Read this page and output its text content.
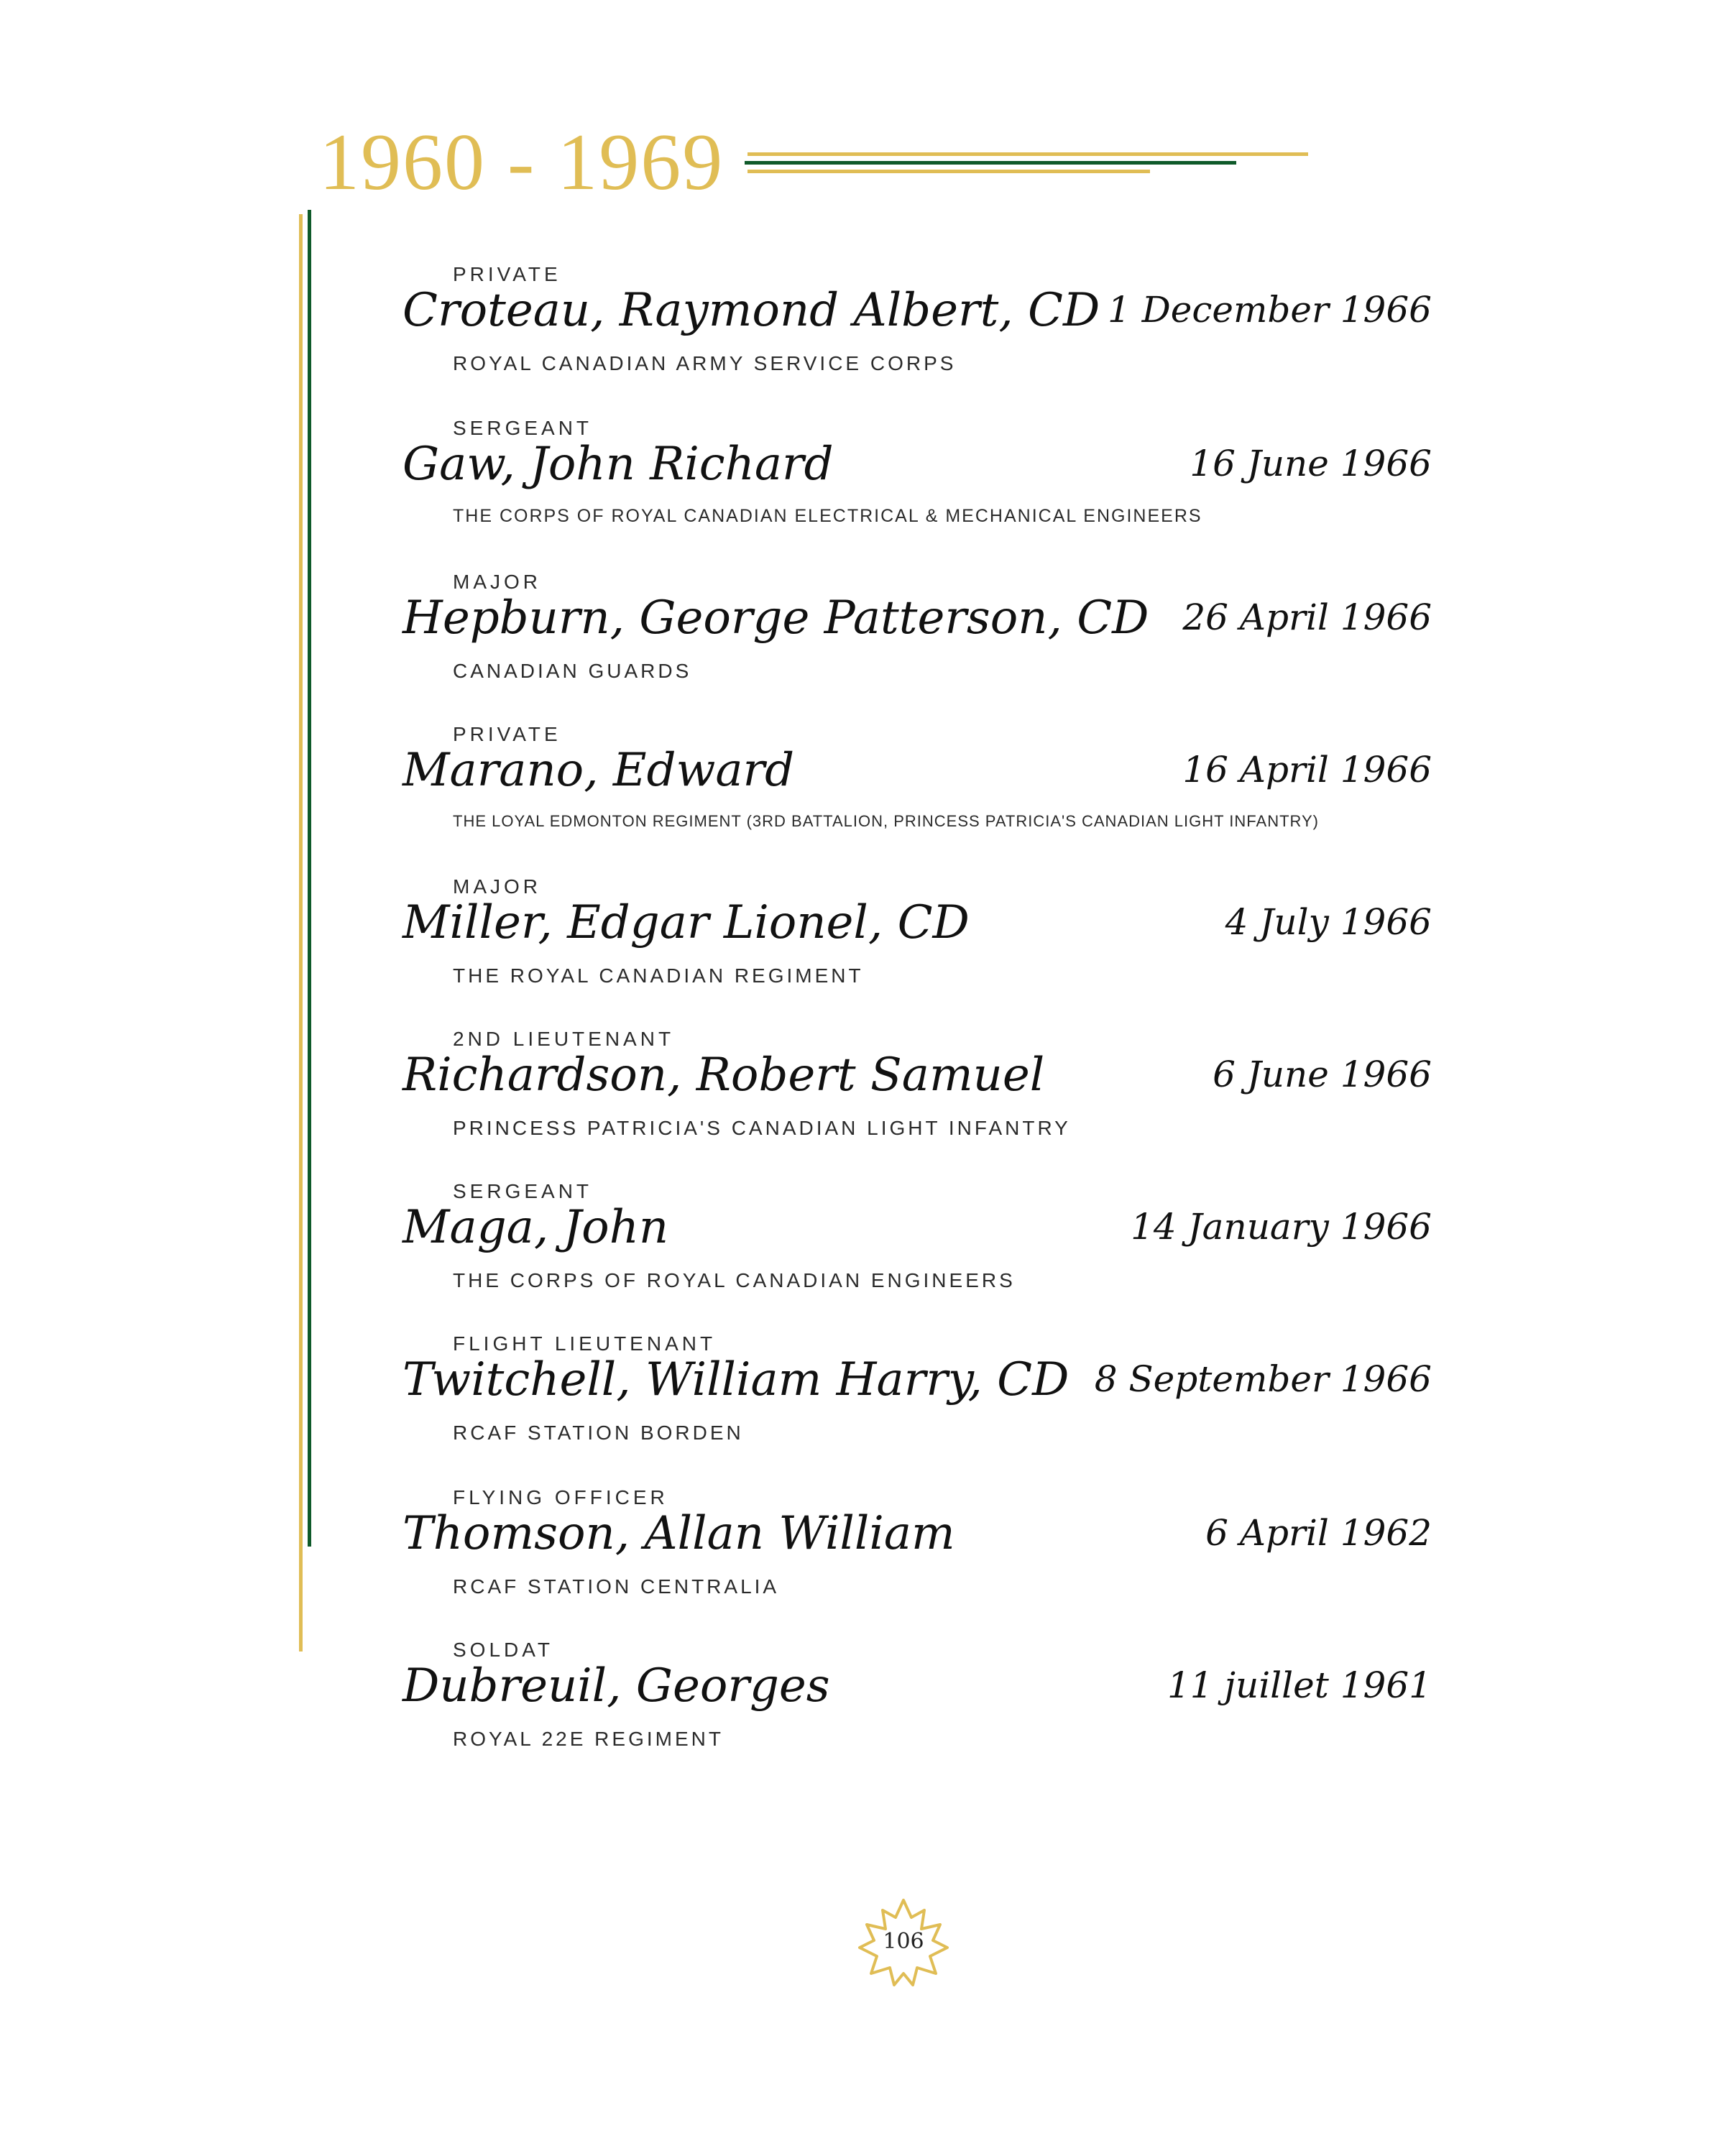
1960 - 1969
PRIVATE
Croteau, Raymond Albert, CD 1 December 1966
ROYAL CANADIAN ARMY SERVICE CORPS
SERGEANT
Gaw, John Richard	16 June 1966
THE CORPS OF ROYAL CANADIAN ELECTRICAL & MECHANICAL ENGINEERS
MAJOR
Hepburn, George Patterson, CD 26 April 1966
CANADIAN GUARDS
PRIVATE
Marano, Edward	16 April 1966
THE LOYAL EDMONTON REGIMENT (3RD BATTALION, PRINCESS PATRICIA'S CANADIAN LIGHT INFANTRY)
MAJOR
Miller, Edgar Lionel, CD	4 July 1966
THE ROYAL CANADIAN REGIMENT
2ND LIEUTENANT
Richardson, Robert Samuel	6 June 1966
PRINCESS PATRICIA'S CANADIAN LIGHT INFANTRY
SERGEANT
Maga, John	14 January 1966
THE CORPS OF ROYAL CANADIAN ENGINEERS
FLIGHT LIEUTENANT
Twitchell, William Harry, CD 8 September 1966
RCAF STATION BORDEN
FLYING OFFICER
Thomson, Allan William	6 April 1962
RCAF STATION CENTRALIA
SOLDAT
Dubreuil, Georges	11 juillet 1961
ROYAL 22E REGIMENT
106
